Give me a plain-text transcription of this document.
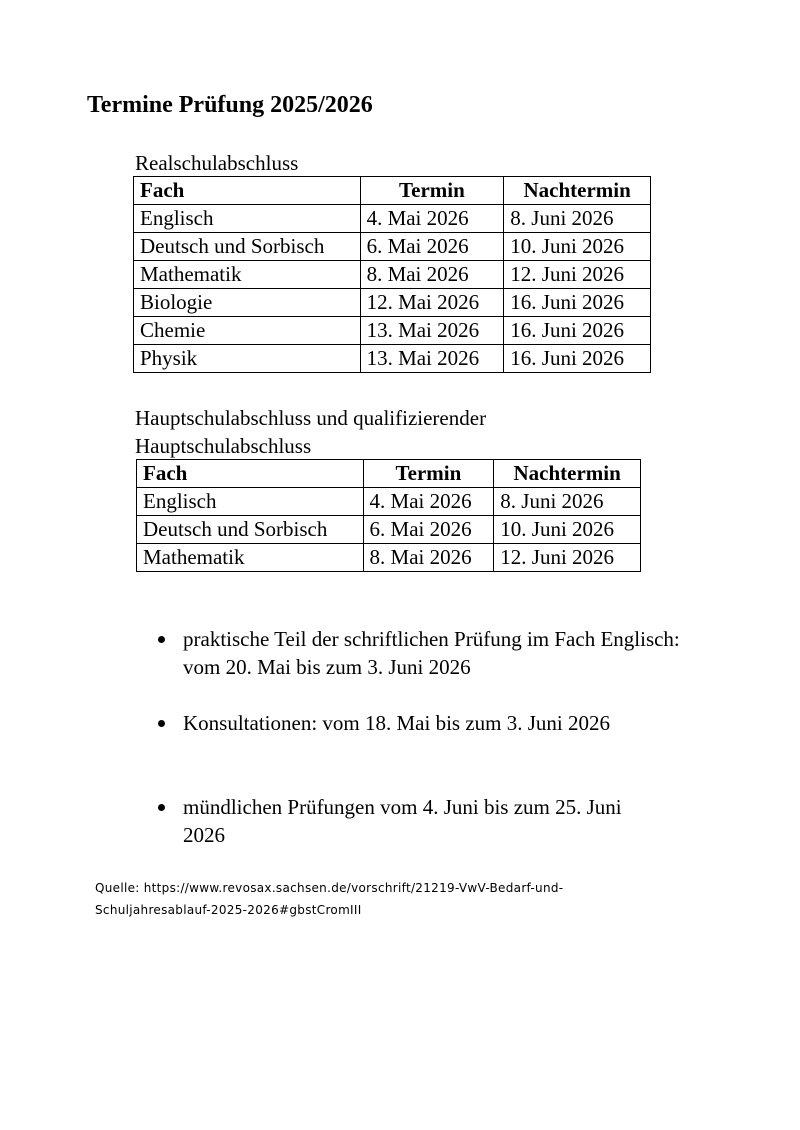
Termine Prüfung 2025/2026

Realschulabschluss

Fach	Termin	Nachtermin
Englisch	4. Mai 2026	8. Juni 2026
Deutsch und Sorbisch	6. Mai 2026	10. Juni 2026
Mathematik	8. Mai 2026	12. Juni 2026
Biologie	12. Mai 2026	16. Juni 2026
Chemie	13. Mai 2026	16. Juni 2026
Physik	13. Mai 2026	16. Juni 2026

Hauptschulabschluss und qualifizierender

Hauptschulabschluss

Fach	Termin	Nachtermin
Englisch	4. Mai 2026	8. Juni 2026
Deutsch und Sorbisch	6. Mai 2026	10. Juni 2026
Mathematik	8. Mai 2026	12. Juni 2026
praktische Teil der schriftlichen Prüfung im Fach Englisch: vom 20. Mai bis zum 3. Juni 2026
Konsultationen: vom 18. Mai bis zum 3. Juni 2026
mündlichen Prüfungen vom 4. Juni bis zum 25. Juni 2026

Quelle: https://www.revosax.sachsen.de/vorschrift/21219-VwV-Bedarf-und-
Schuljahresablauf-2025-2026#gbstCromIII
